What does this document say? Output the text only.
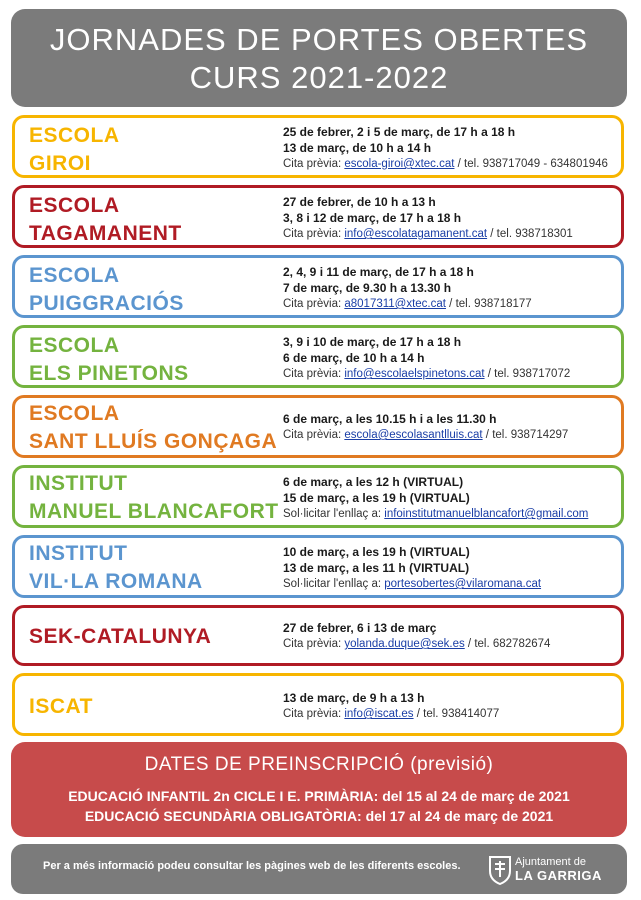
JORNADES DE PORTES OBERTES
CURS 2021-2022
ESCOLA
GIROI
25 de febrer, 2 i 5 de març, de 17 h a 18 h
13 de març, de 10 h a 14 h
Cita prèvia: escola-giroi@xtec.cat / tel. 938717049 - 634801946
ESCOLA
TAGAMANENT
27 de febrer, de 10 h a 13 h
3, 8 i 12 de març, de 17 h a 18 h
Cita prèvia: info@escolatagamanent.cat / tel. 938718301
ESCOLA
PUIGGRACIÓS
2, 4, 9 i 11 de març, de 17 h a 18 h
7 de març, de 9.30 h a 13.30 h
Cita prèvia: a8017311@xtec.cat / tel. 938718177
ESCOLA
ELS PINETONS
3, 9 i 10 de març, de 17 h a 18 h
6 de març, de 10 h a 14 h
Cita prèvia: info@escolaelspinetons.cat / tel. 938717072
ESCOLA
SANT LLUÍS GONÇAGA
6 de març, a les 10.15 h i a les 11.30 h
Cita prèvia: escola@escolasantlluis.cat / tel. 938714297
INSTITUT
MANUEL BLANCAFORT
6 de març, a les 12 h (VIRTUAL)
15 de març, a les 19 h (VIRTUAL)
Sol·licitar l'enllaç a: infoinstitutmanuelblancafort@gmail.com
INSTITUT
VIL·LA ROMANA
10 de març, a les 19 h (VIRTUAL)
13 de març, a les 11 h (VIRTUAL)
Sol·licitar l'enllaç a: portesobertes@vilaromana.cat
SEK-CATALUNYA	27 de febrer, 6 i 13 de març
Cita prèvia: yolanda.duque@sek.es / tel. 682782674
ISCAT	13 de març, de 9 h a 13 h
Cita prèvia: info@iscat.es / tel. 938414077
DATES DE PREINSCRIPCIÓ (previsió)
EDUCACIÓ INFANTIL 2n CICLE I E. PRIMÀRIA: del 15 al 24 de març de 2021
EDUCACIÓ SECUNDÀRIA OBLIGATÒRIA: del 17 al 24 de març de 2021
Per a més informació podeu consultar les pàgines web de les diferents escoles.	Ajuntament de
LA GARRIGA
